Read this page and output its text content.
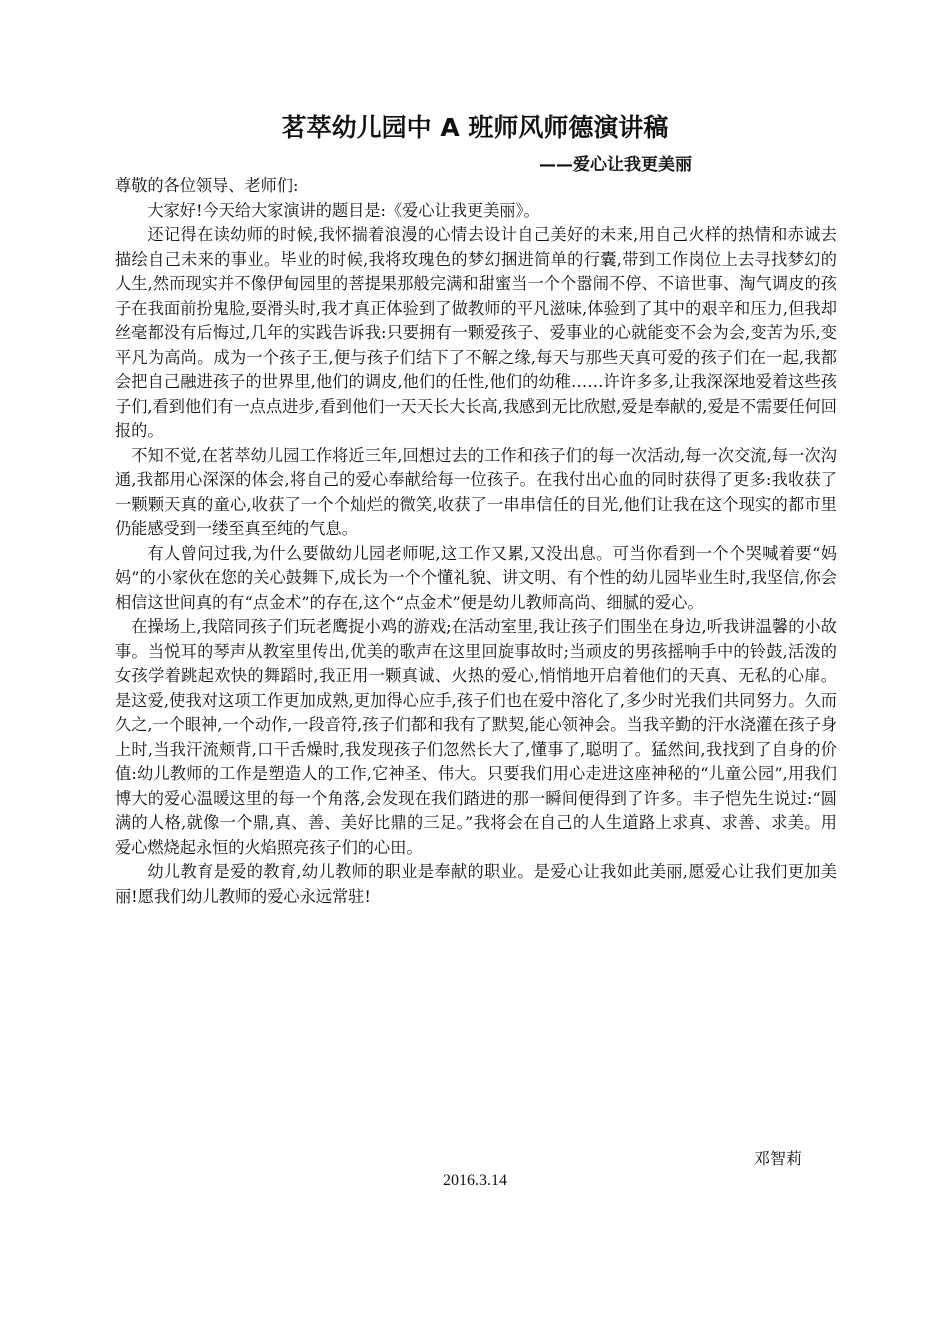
茗萃幼儿园中 A 班师风师德演讲稿
——爱心让我更美丽

尊敬的各位领导、老师们:

大家好!今天给大家演讲的题目是:《爱心让我更美丽》。

还记得在读幼师的时候,我怀揣着浪漫的心情去设计自己美好的未来,用自己火样的热情和赤诚去描绘自己未来的事业。毕业的时候,我将玫瑰色的梦幻捆进简单的行囊,带到工作岗位上去寻找梦幻的人生,然而现实并不像伊甸园里的菩提果那般完满和甜蜜当一个个嚣闹不停、不谙世事、淘气调皮的孩子在我面前扮鬼脸,耍滑头时,我才真正体验到了做教师的平凡滋味,体验到了其中的艰辛和压力,但我却丝毫都没有后悔过,几年的实践告诉我:只要拥有一颗爱孩子、爱事业的心就能变不会为会,变苦为乐,变平凡为高尚。成为一个孩子王,便与孩子们结下了不解之缘,每天与那些天真可爱的孩子们在一起,我都会把自己融进孩子的世界里,他们的调皮,他们的任性,他们的幼稚……许许多多,让我深深地爱着这些孩子们,看到他们有一点点进步,看到他们一天天长大长高,我感到无比欣慰,爱是奉献的,爱是不需要任何回报的。

不知不觉,在茗萃幼儿园工作将近三年,回想过去的工作和孩子们的每一次活动,每一次交流,每一次沟通,我都用心深深的体会,将自己的爱心奉献给每一位孩子。在我付出心血的同时获得了更多:我收获了一颗颗天真的童心,收获了一个个灿烂的微笑,收获了一串串信任的目光,他们让我在这个现实的都市里仍能感受到一缕至真至纯的气息。

有人曾问过我,为什么要做幼儿园老师呢,这工作又累,又没出息。可当你看到一个个哭喊着要“妈妈”的小家伙在您的关心鼓舞下,成长为一个个懂礼貌、讲文明、有个性的幼儿园毕业生时,我坚信,你会相信这世间真的有“点金术”的存在,这个“点金术”便是幼儿教师高尚、细腻的爱心。

在操场上,我陪同孩子们玩老鹰捉小鸡的游戏;在活动室里,我让孩子们围坐在身边,听我讲温馨的小故事。当悦耳的琴声从教室里传出,优美的歌声在这里回旋事故时;当顽皮的男孩摇响手中的铃鼓,活泼的女孩学着跳起欢快的舞蹈时,我正用一颗真诚、火热的爱心,悄悄地开启着他们的天真、无私的心扉。是这爱,使我对这项工作更加成熟,更加得心应手,孩子们也在爱中溶化了,多少时光我们共同努力。久而久之,一个眼神,一个动作,一段音符,孩子们都和我有了默契,能心领神会。当我辛勤的汗水浇灌在孩子身上时,当我汗流颊背,口干舌燥时,我发现孩子们忽然长大了,懂事了,聪明了。猛然间,我找到了自身的价值:幼儿教师的工作是塑造人的工作,它神圣、伟大。只要我们用心走进这座神秘的“儿童公园”,用我们博大的爱心温暖这里的每一个角落,会发现在我们踏进的那一瞬间便得到了许多。丰子恺先生说过:“圆满的人格,就像一个鼎,真、善、美好比鼎的三足。”我将会在自己的人生道路上求真、求善、求美。用爱心燃烧起永恒的火焰照亮孩子们的心田。

幼儿教育是爱的教育,幼儿教师的职业是奉献的职业。是爱心让我如此美丽,愿爱心让我们更加美丽!愿我们幼儿教师的爱心永远常驻!

邓智莉
2016.3.14
